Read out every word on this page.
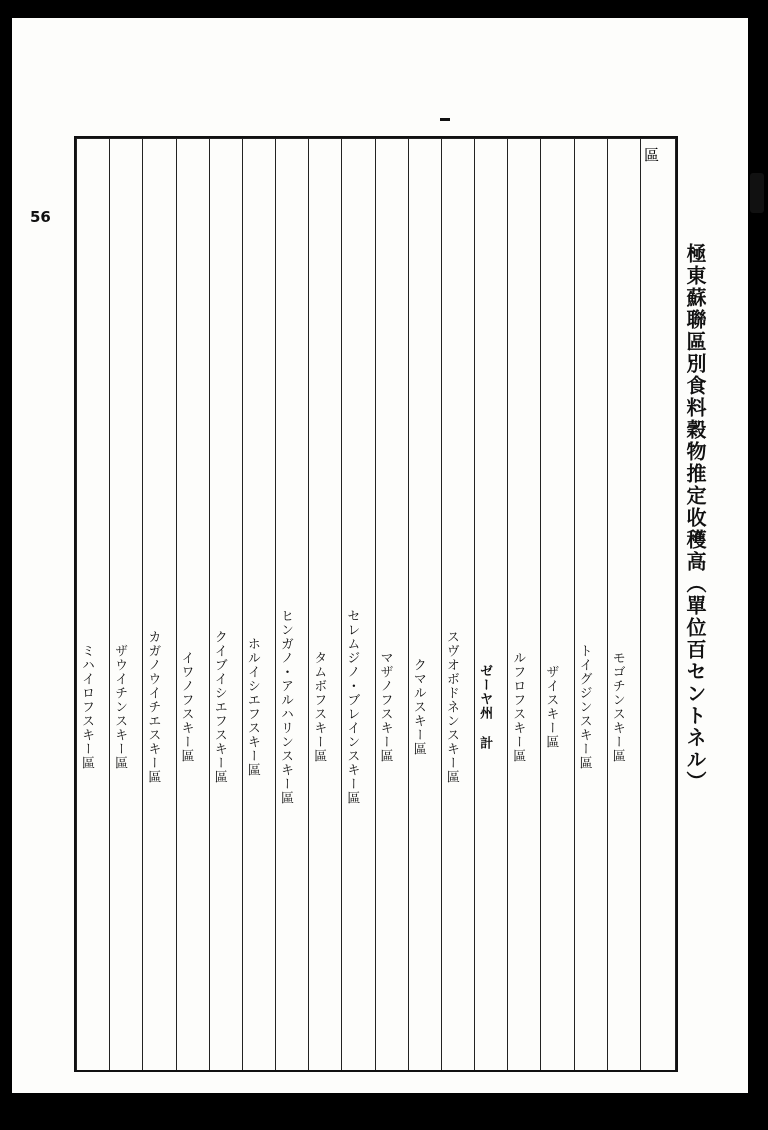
56
極東蘇聯區別食料穀物推定收穫高（單位百セントネル）
ミハイロフスキー區	ザウイチンスキー區	カガノウイチエスキー區	イワノフスキー區	クイブイシエフスキー區	ホルイシエフスキー區	ヒンガノ・アルハリンスキー區	タムボフスキー區	セレムジノ・ブレインスキー區	マザノフスキー區	クマルスキー區	スヴオボドネンスキー區	ゼーヤ州 計	ルフロフスキー區	ザイスキー區	トイグジンスキー區	モゴチンスキー區	區
